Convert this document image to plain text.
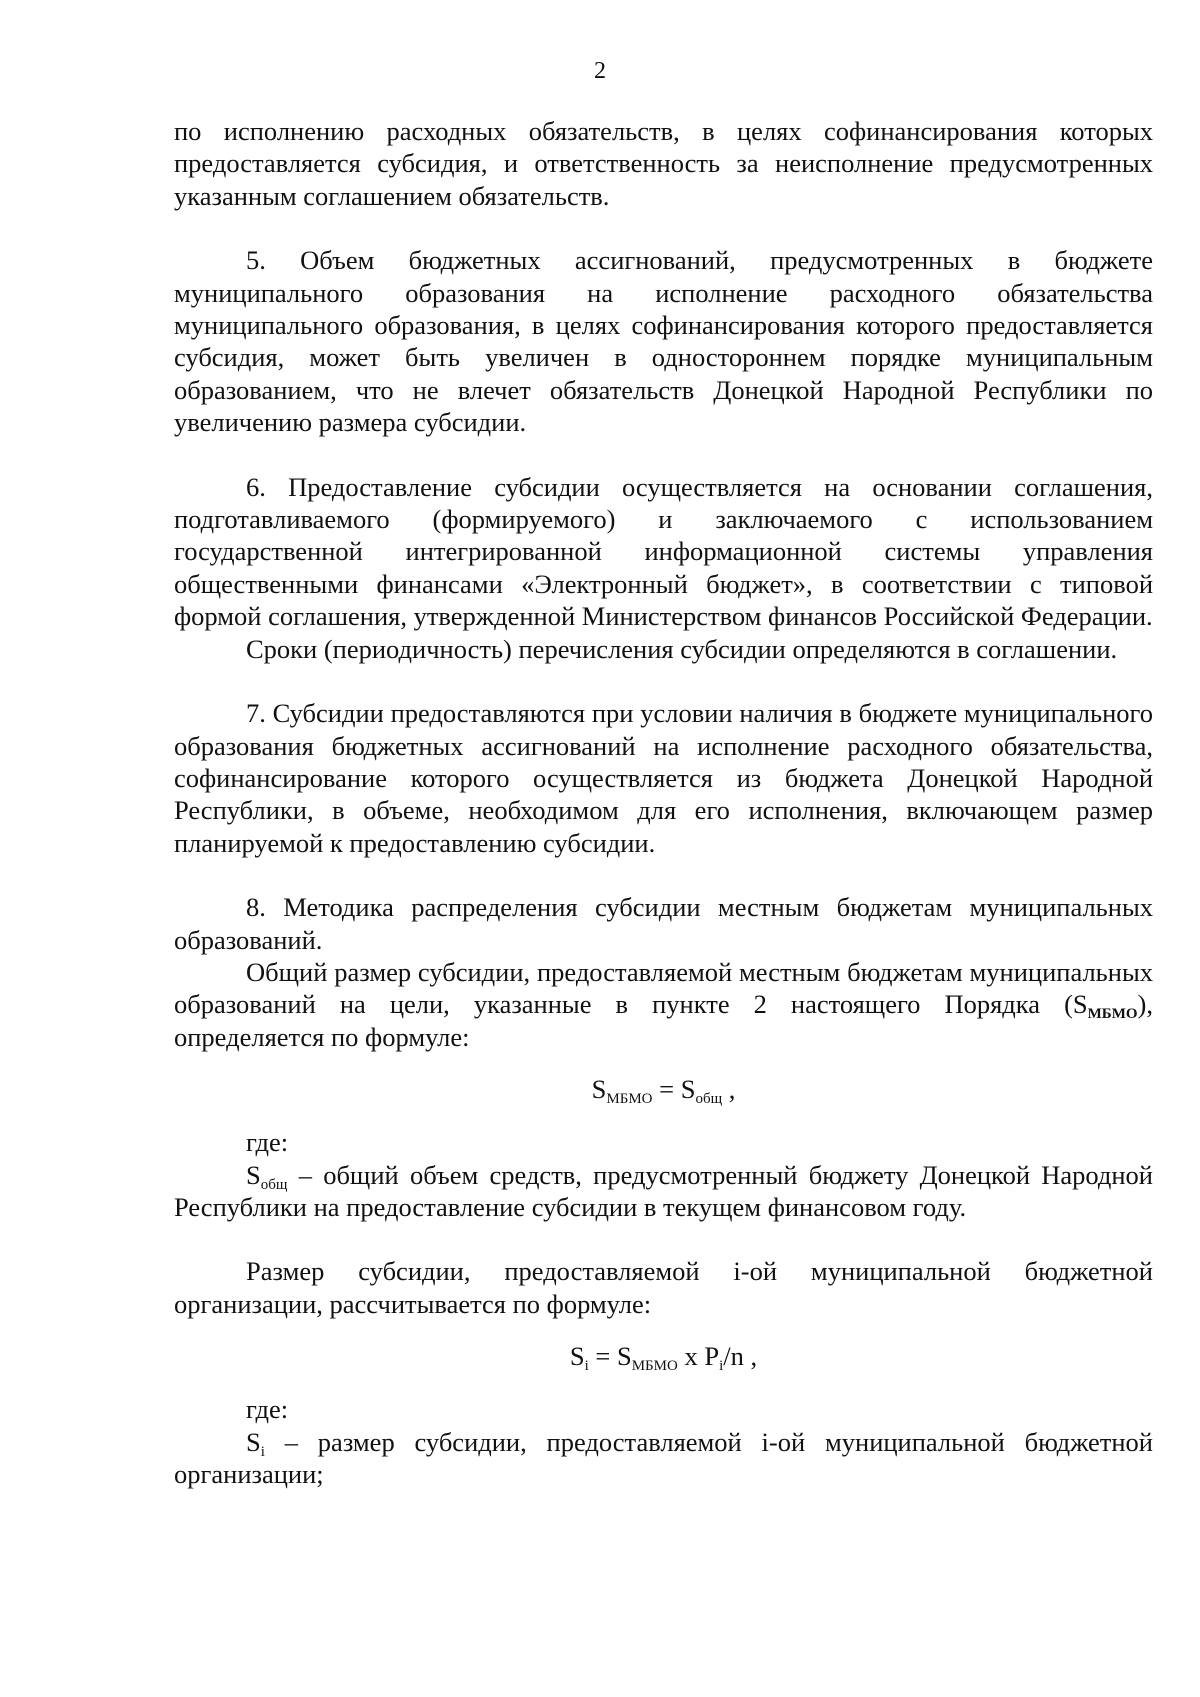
2

по исполнению расходных обязательств, в целях софинансирования которых предоставляется субсидия, и ответственность за неисполнение предусмотренных указанным соглашением обязательств.

5. Объем бюджетных ассигнований, предусмотренных в бюджете муниципального образования на исполнение расходного обязательства муниципального образования, в целях софинансирования которого предоставляется субсидия, может быть увеличен в одностороннем порядке муниципальным образованием, что не влечет обязательств Донецкой Народной Республики по увеличению размера субсидии.

6. Предоставление субсидии осуществляется на основании соглашения, подготавливаемого (формируемого) и заключаемого с использованием государственной интегрированной информационной системы управления общественными финансами «Электронный бюджет», в соответствии с типовой формой соглашения, утвержденной Министерством финансов Российской Федерации.

Сроки (периодичность) перечисления субсидии определяются в соглашении.

7. Субсидии предоставляются при условии наличия в бюджете муниципального образования бюджетных ассигнований на исполнение расходного обязательства, софинансирование которого осуществляется из бюджета Донецкой Народной Республики, в объеме, необходимом для его исполнения, включающем размер планируемой к предоставлению субсидии.

8. Методика распределения субсидии местным бюджетам муниципальных образований.

Общий размер субсидии, предоставляемой местным бюджетам муниципальных образований на цели, указанные в пункте 2 настоящего Порядка $(S_{МБМО})$, определяется по формуле:

$S_{МБМО} = S_{общ}$ ,

где:

$S_{общ}$ – общий объем средств, предусмотренный бюджету Донецкой Народной Республики на предоставление субсидии в текущем финансовом году.

Размер субсидии, предоставляемой i-ой муниципальной бюджетной организации, рассчитывается по формуле:

$S_i = S_{МБМО}$ x $P_i/n$ ,

где:

$S_i$ – размер субсидии, предоставляемой i-ой муниципальной бюджетной организации;
